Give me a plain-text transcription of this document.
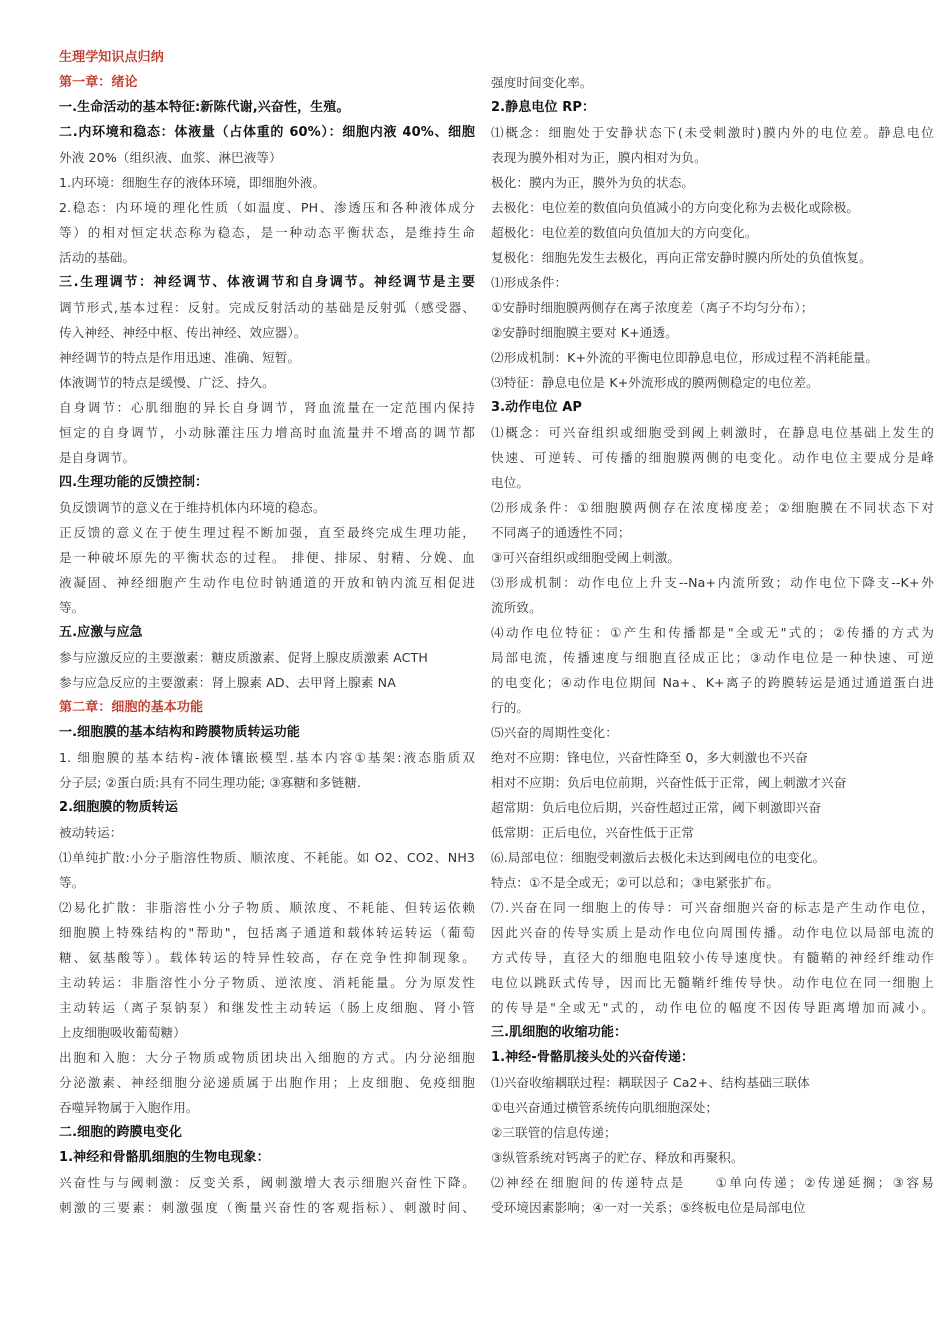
生理学知识点归纳
第一章：绪论
一.生命活动的基本特征:新陈代谢,兴奋性，生殖。
二.内环境和稳态：体液量（占体重的 60%）：细胞内液 40%、细胞
外液 20%（组织液、血浆、淋巴液等）
1.内环境：细胞生存的液体环境，即细胞外液。
2.稳态：内环境的理化性质（如温度、PH、渗透压和各种液体成分
等）的相对恒定状态称为稳态，是一种动态平衡状态，是维持生命
活动的基础。
三.生理调节：神经调节、体液调节和自身调节。神经调节是主要
调节形式,基本过程：反射。完成反射活动的基础是反射弧（感受器、
传入神经、神经中枢、传出神经、效应器）。
神经调节的特点是作用迅速、准确、短暂。
体液调节的特点是缓慢、广泛、持久。
自身调节：心肌细胞的异长自身调节，肾血流量在一定范围内保持
恒定的自身调节，小动脉灌注压力增高时血流量并不增高的调节都
是自身调节。
四.生理功能的反馈控制：
负反馈调节的意义在于维持机体内环境的稳态。
正反馈的意义在于使生理过程不断加强，直至最终完成生理功能，
是一种破坏原先的平衡状态的过程。 排便、排尿、射精、分娩、血
液凝固、神经细胞产生动作电位时钠通道的开放和钠内流互相促进
等。
五.应激与应急
参与应激反应的主要激素：糖皮质激素、促肾上腺皮质激素 ACTH
参与应急反应的主要激素：肾上腺素 AD、去甲肾上腺素 NA
第二章：细胞的基本功能
一.细胞膜的基本结构和跨膜物质转运功能
1. 细胞膜的基本结构-液体镶嵌模型.基本内容①基架:液态脂质双
分子层; ②蛋白质:具有不同生理功能; ③寡糖和多链糖.
2.细胞膜的物质转运
被动转运：
⑴单纯扩散:小分子脂溶性物质、顺浓度、不耗能。如 O2、CO2、NH3
等。
⑵易化扩散：非脂溶性小分子物质、顺浓度、不耗能、但转运依赖
细胞膜上特殊结构的"帮助"，包括离子通道和载体转运转运（葡萄
糖、氨基酸等）。载体转运的特异性较高，存在竞争性抑制现象。
主动转运：非脂溶性小分子物质、逆浓度、消耗能量。分为原发性
主动转运（离子泵钠泵）和继发性主动转运（肠上皮细胞、肾小管
上皮细胞吸收葡萄糖）
出胞和入胞：大分子物质或物质团块出入细胞的方式。内分泌细胞
分泌激素、神经细胞分泌递质属于出胞作用；上皮细胞、免疫细胞
吞噬异物属于入胞作用。
二.细胞的跨膜电变化
1.神经和骨骼肌细胞的生物电现象：
兴奋性与与阈刺激：反变关系，阈刺激增大表示细胞兴奋性下降。
刺激的三要素：刺激强度（衡量兴奋性的客观指标）、刺激时间、
强度时间变化率。
2.静息电位 RP：
⑴概念：细胞处于安静状态下(未受刺激时)膜内外的电位差。静息电位
表现为膜外相对为正，膜内相对为负。
极化：膜内为正，膜外为负的状态。
去极化：电位差的数值向负值减小的方向变化称为去极化或除极。
超极化：电位差的数值向负值加大的方向变化。
复极化：细胞先发生去极化，再向正常安静时膜内所处的负值恢复。
⑴形成条件：
①安静时细胞膜两侧存在离子浓度差（离子不均匀分布）；
②安静时细胞膜主要对 K+通透。
⑵形成机制：K+外流的平衡电位即静息电位，形成过程不消耗能量。
⑶特征：静息电位是 K+外流形成的膜两侧稳定的电位差。
3.动作电位 AP
⑴概念：可兴奋组织或细胞受到阈上刺激时，在静息电位基础上发生的
快速、可逆转、可传播的细胞膜两侧的电变化。动作电位主要成分是峰
电位。
⑵形成条件：①细胞膜两侧存在浓度梯度差；②细胞膜在不同状态下对
不同离子的通透性不同；
③可兴奋组织或细胞受阈上刺激。
⑶形成机制：动作电位上升支--Na+内流所致；动作电位下降支--K+外
流所致。
⑷动作电位特征：①产生和传播都是"全或无"式的；②传播的方式为
局部电流，传播速度与细胞直径成正比；③动作电位是一种快速、可逆
的电变化；④动作电位期间 Na+、K+离子的跨膜转运是通过通道蛋白进
行的。
⑸兴奋的周期性变化：
绝对不应期：锋电位，兴奋性降至 0，多大刺激也不兴奋
相对不应期：负后电位前期，兴奋性低于正常，阈上刺激才兴奋
超常期：负后电位后期，兴奋性超过正常，阈下刺激即兴奋
低常期：正后电位，兴奋性低于正常
⑹.局部电位：细胞受刺激后去极化未达到阈电位的电变化。
特点：①不是全或无；②可以总和；③电紧张扩布。
⑺.兴奋在同一细胞上的传导：可兴奋细胞兴奋的标志是产生动作电位，
因此兴奋的传导实质上是动作电位向周围传播。动作电位以局部电流的
方式传导，直径大的细胞电阻较小传导速度快。有髓鞘的神经纤维动作
电位以跳跃式传导，因而比无髓鞘纤维传导快。动作电位在同一细胞上
的传导是"全或无"式的，动作电位的幅度不因传导距离增加而减小。
三.肌细胞的收缩功能：
1.神经-骨骼肌接头处的兴奋传递：
⑴兴奋收缩耦联过程：耦联因子 Ca2+、结构基础三联体
①电兴奋通过横管系统传向肌细胞深处；
②三联管的信息传递；
③纵管系统对钙离子的贮存、释放和再聚积。
⑵神经在细胞间的传递特点是　　①单向传递；②传递延搁；③容易
受环境因素影响；④一对一关系；⑤终板电位是局部电位
